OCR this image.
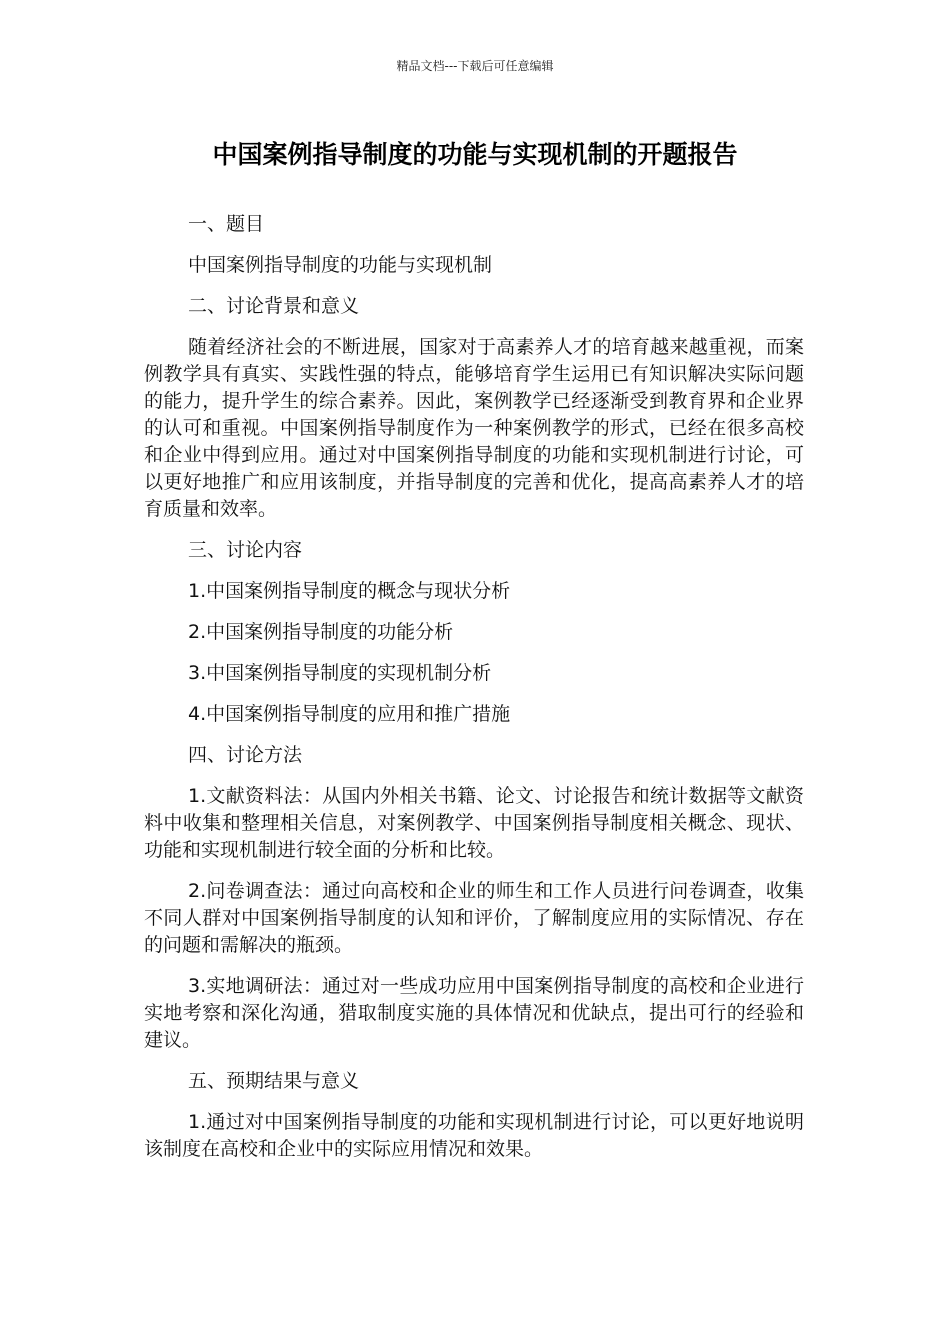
精品文档---下载后可任意编辑
中国案例指导制度的功能与实现机制的开题报告

一、题目

中国案例指导制度的功能与实现机制

二、讨论背景和意义

随着经济社会的不断进展，国家对于高素养人才的培育越来越重视，而案例教学具有真实、实践性强的特点，能够培育学生运用已有知识解决实际问题的能力，提升学生的综合素养。因此，案例教学已经逐渐受到教育界和企业界的认可和重视。中国案例指导制度作为一种案例教学的形式，已经在很多高校和企业中得到应用。通过对中国案例指导制度的功能和实现机制进行讨论，可以更好地推广和应用该制度，并指导制度的完善和优化，提高高素养人才的培育质量和效率。

三、讨论内容

1.中国案例指导制度的概念与现状分析

2.中国案例指导制度的功能分析

3.中国案例指导制度的实现机制分析

4.中国案例指导制度的应用和推广措施

四、讨论方法

1.文献资料法：从国内外相关书籍、论文、讨论报告和统计数据等文献资料中收集和整理相关信息，对案例教学、中国案例指导制度相关概念、现状、功能和实现机制进行较全面的分析和比较。

2.问卷调查法：通过向高校和企业的师生和工作人员进行问卷调查，收集不同人群对中国案例指导制度的认知和评价，了解制度应用的实际情况、存在的问题和需解决的瓶颈。

3.实地调研法：通过对一些成功应用中国案例指导制度的高校和企业进行实地考察和深化沟通，猎取制度实施的具体情况和优缺点，提出可行的经验和建议。

五、预期结果与意义

1.通过对中国案例指导制度的功能和实现机制进行讨论，可以更好地说明该制度在高校和企业中的实际应用情况和效果。
